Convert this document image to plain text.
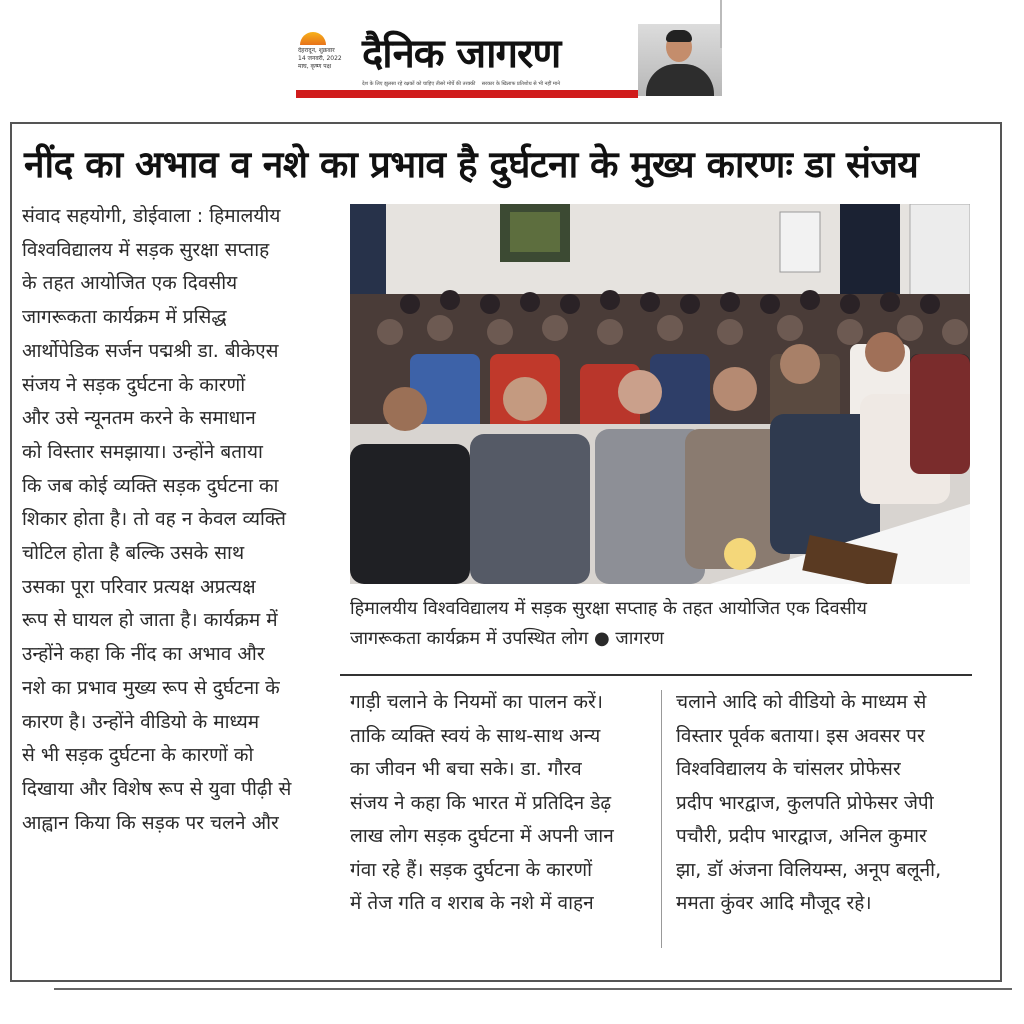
देहरादून, शुक्रवार
14 जनवरी, 2022
माघ, कृष्ण पक्ष दैनिक जागरण
देश के लिए झुलसा रहे रक्षकों को चाहिए तीसरे मोर्चे की तरक्की सरकार के खिलाफ प्रतिशोध से भी नहीं माने
नींद का अभाव व नशे का प्रभाव है दुर्घटना के मुख्य कारणः डा संजय
संवाद सहयोगी, डोईवाला : हिमालयीय
विश्वविद्यालय में सड़क सुरक्षा सप्ताह
के तहत आयोजित एक दिवसीय
जागरूकता कार्यक्रम में प्रसिद्ध
आर्थोपेडिक सर्जन पद्मश्री डा. बीकेएस
संजय ने सड़क दुर्घटना के कारणों
और उसे न्यूनतम करने के समाधान
को विस्तार समझाया। उन्होंने बताया
कि जब कोई व्यक्ति सड़क दुर्घटना का
शिकार होता है। तो वह न केवल व्यक्ति
चोटिल होता है बल्कि उसके साथ
उसका पूरा परिवार प्रत्यक्ष अप्रत्यक्ष
रूप से घायल हो जाता है। कार्यक्रम में
उन्होंने कहा कि नींद का अभाव और
नशे का प्रभाव मुख्य रूप से दुर्घटना के
कारण है। उन्होंने वीडियो के माध्यम
से भी सड़क दुर्घटना के कारणों को
दिखाया और विशेष रूप से युवा पीढ़ी से
आह्वान किया कि सड़क पर चलने और
हिमालयीय विश्वविद्यालय में सड़क सुरक्षा सप्ताह के तहत आयोजित एक दिवसीय
जागरूकता कार्यक्रम में उपस्थित लोग ● जागरण
गाड़ी चलाने के नियमों का पालन करें।
ताकि व्यक्ति स्वयं के साथ-साथ अन्य
का जीवन भी बचा सके। डा. गौरव
संजय ने कहा कि भारत में प्रतिदिन डेढ़
लाख लोग सड़क दुर्घटना में अपनी जान
गंवा रहे हैं। सड़क दुर्घटना के कारणों
में तेज गति व शराब के नशे में वाहन
चलाने आदि को वीडियो के माध्यम से
विस्तार पूर्वक बताया। इस अवसर पर
विश्वविद्यालय के चांसलर प्रोफेसर
प्रदीप भारद्वाज, कुलपति प्रोफेसर जेपी
पचौरी, प्रदीप भारद्वाज, अनिल कुमार
झा, डॉ अंजना विलियम्स, अनूप बलूनी,
ममता कुंवर आदि मौजूद रहे।
